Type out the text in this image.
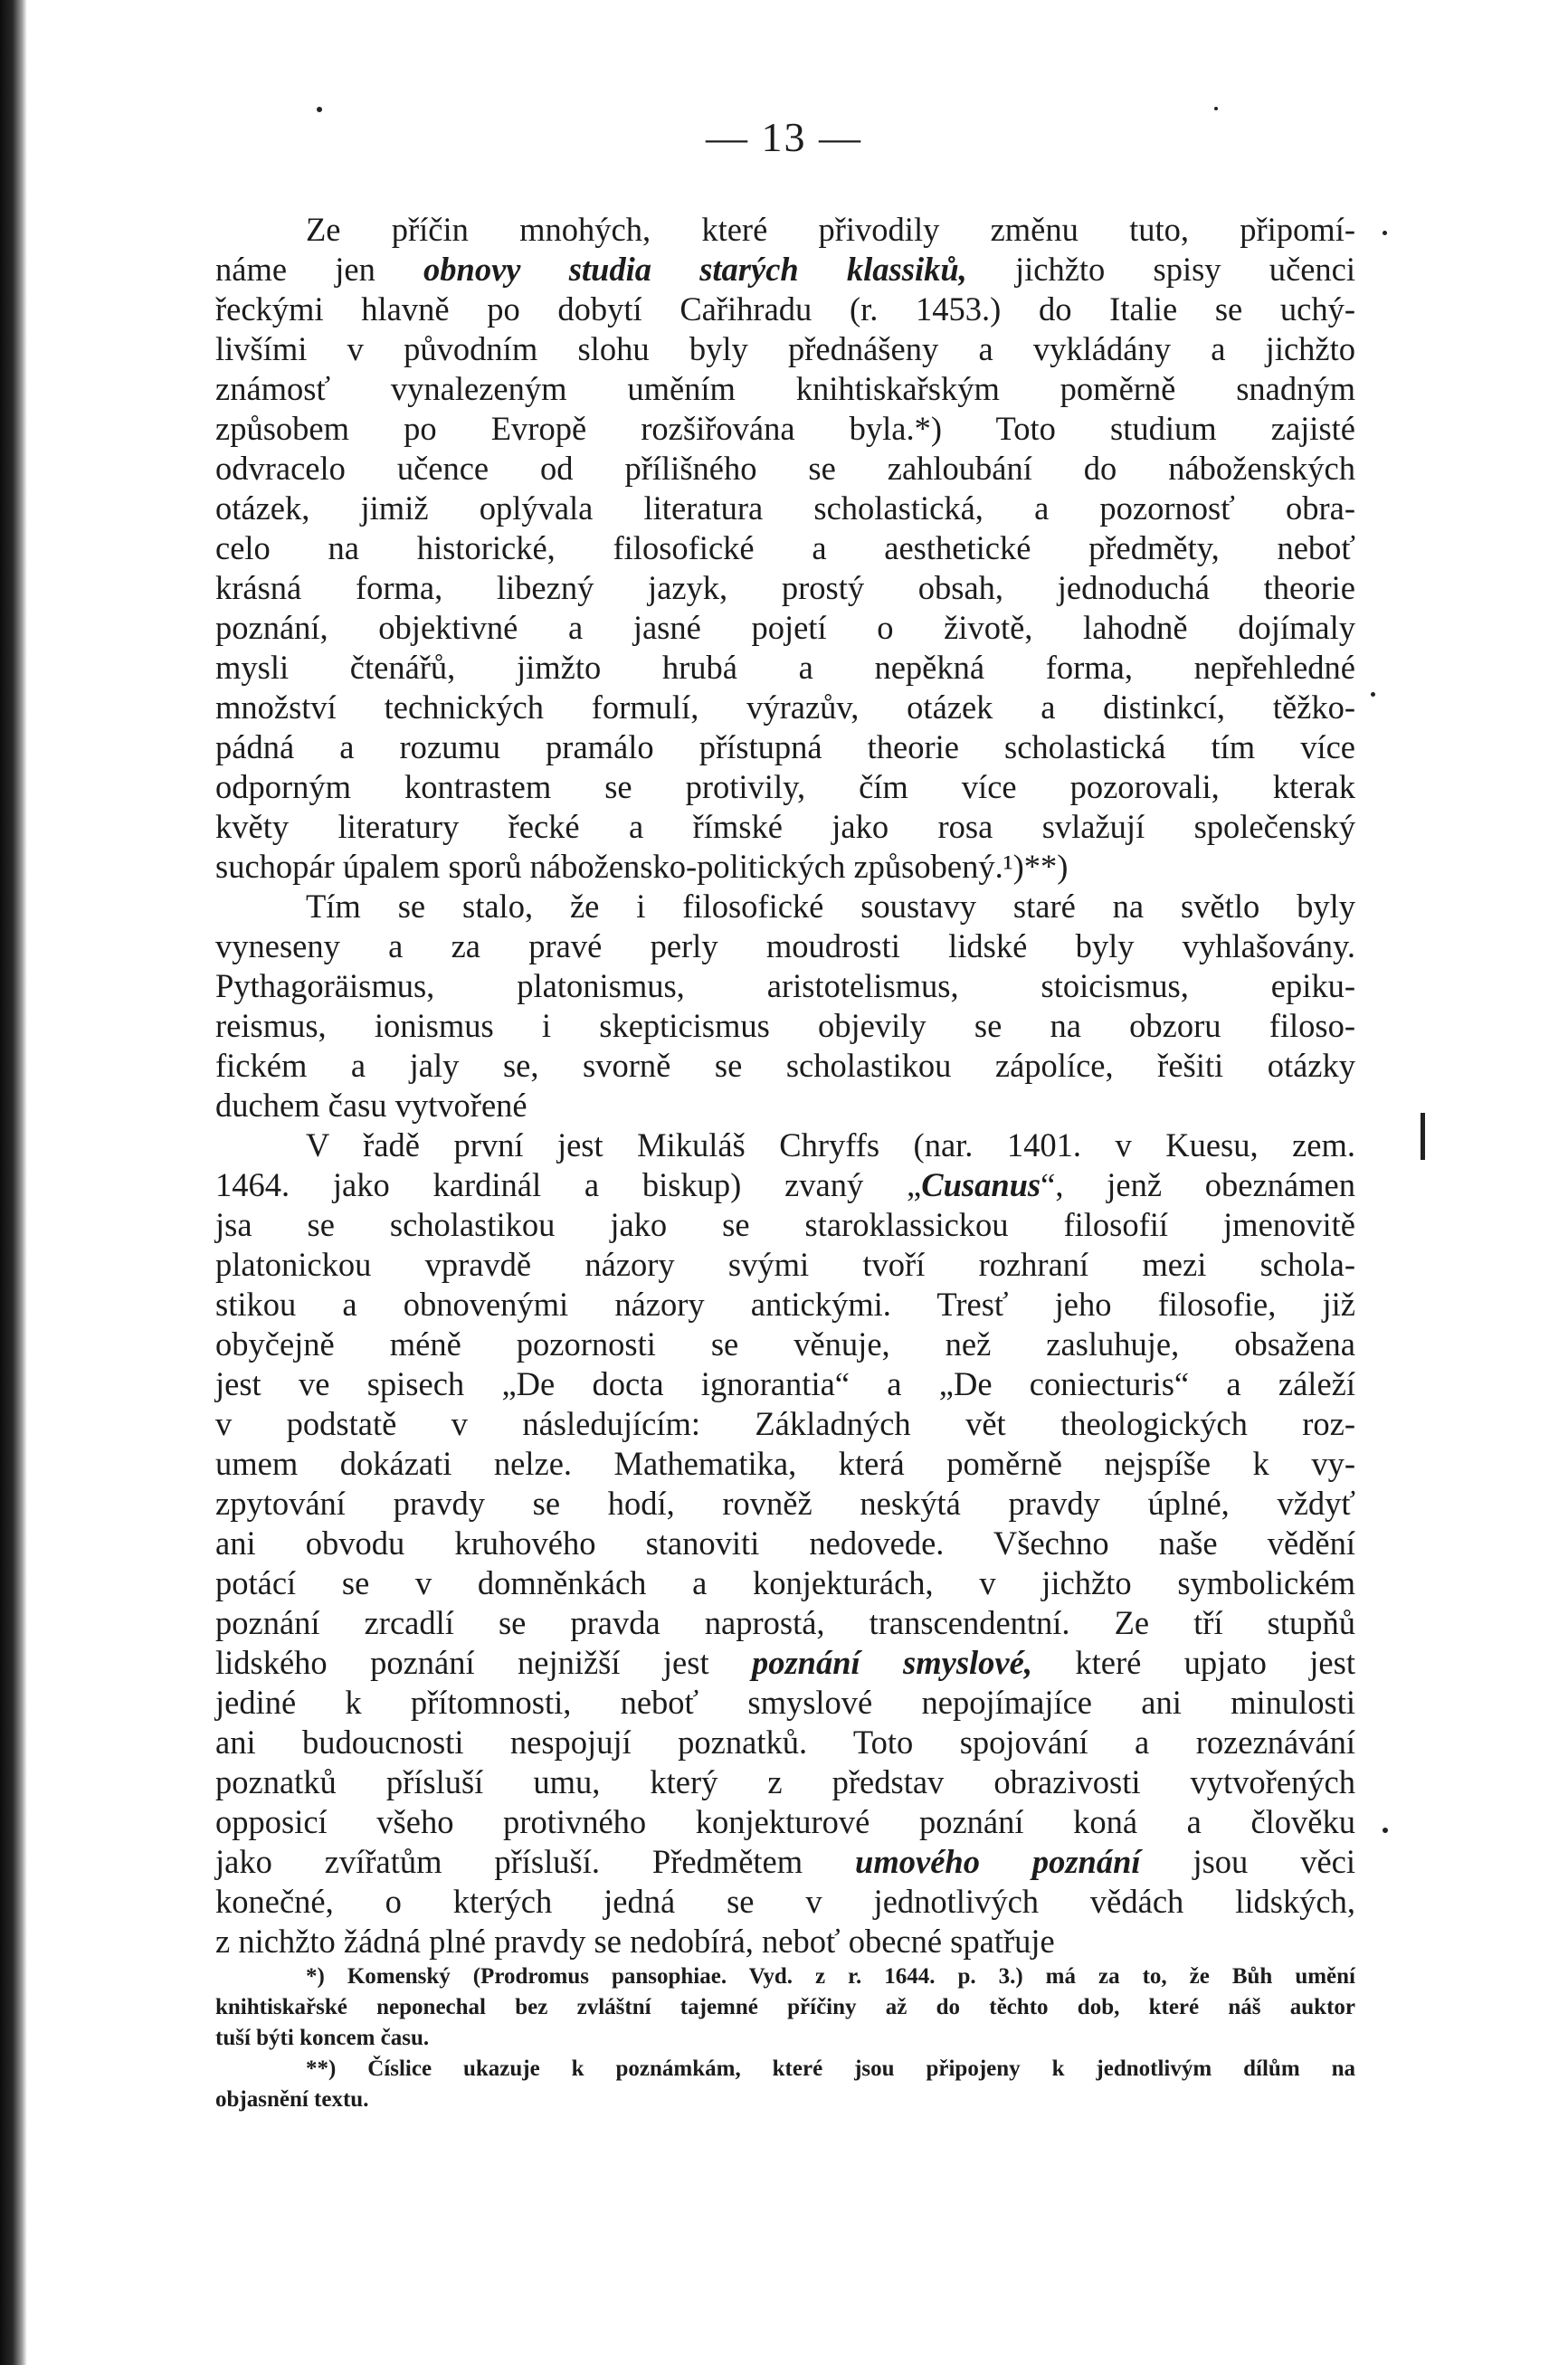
— 13 —
Ze příčin mnohých, které přivodily změnu tuto, připomí-
náme jen obnovy studia starých klassiků, jichžto spisy učenci
řeckými hlavně po dobytí Cařihradu (r. 1453.) do Italie se uchý-
livšími v původním slohu byly přednášeny a vykládány a jichžto
známosť vynalezeným uměním knihtiskařským poměrně snadným
způsobem po Evropě rozšiřována byla.*) Toto studium zajisté
odvracelo učence od přílišného se zahloubání do náboženských
otázek, jimiž oplývala literatura scholastická, a pozornosť obra-
celo na historické, filosofické a aesthetické předměty, neboť
krásná forma, libezný jazyk, prostý obsah, jednoduchá theorie
poznání, objektivné a jasné pojetí o životě, lahodně dojímaly
mysli čtenářů, jimžto hrubá a nepěkná forma, nepřehledné
množství technických formulí, výrazův, otázek a distinkcí, těžko-
pádná a rozumu pramálo přístupná theorie scholastická tím více
odporným kontrastem se protivily, čím více pozorovali, kterak
květy literatury řecké a římské jako rosa svlažují společenský
suchopár úpalem sporů nábožensko-politických způsobený.¹)**)
Tím se stalo, že i filosofické soustavy staré na světlo byly
vyneseny a za pravé perly moudrosti lidské byly vyhlašovány.
Pythagoräismus, platonismus, aristotelismus, stoicismus, epiku-
reismus, ionismus i skepticismus objevily se na obzoru filoso-
fickém a jaly se, svorně se scholastikou zápolíce, řešiti otázky
duchem času vytvořené
V řadě první jest Mikuláš Chryffs (nar. 1401. v Kuesu, zem.
1464. jako kardinál a biskup) zvaný „Cusanus“, jenž obeznámen
jsa se scholastikou jako se staroklassickou filosofií jmenovitě
platonickou vpravdě názory svými tvoří rozhraní mezi schola-
stikou a obnovenými názory antickými. Tresť jeho filosofie, již
obyčejně méně pozornosti se věnuje, než zasluhuje, obsažena
jest ve spisech „De docta ignorantia“ a „De coniecturis“ a záleží
v podstatě v následujícím: Základných vět theologických roz-
umem dokázati nelze. Mathematika, která poměrně nejspíše k vy-
zpytování pravdy se hodí, rovněž neskýtá pravdy úplné, vždyť
ani obvodu kruhového stanoviti nedovede. Všechno naše vědění
potácí se v domněnkách a konjekturách, v jichžto symbolickém
poznání zrcadlí se pravda naprostá, transcendentní. Ze tří stupňů
lidského poznání nejnižší jest poznání smyslové, které upjato jest
jediné k přítomnosti, neboť smyslové nepojímajíce ani minulosti
ani budoucnosti nespojují poznatků. Toto spojování a rozeznávání
poznatků přísluší umu, který z představ obrazivosti vytvořených
opposicí všeho protivného konjekturové poznání koná a člověku
jako zvířatům přísluší. Předmětem umového poznání jsou věci
konečné, o kterých jedná se v jednotlivých vědách lidských,
z nichžto žádná plné pravdy se nedobírá, neboť obecné spatřuje
*) Komenský (Prodromus pansophiae. Vyd. z r. 1644. p. 3.) má za to, že Bůh umění
knihtiskařské neponechal bez zvláštní tajemné příčiny až do těchto dob, které náš auktor
tuší býti koncem času.
**) Číslice ukazuje k poznámkám, které jsou připojeny k jednotlivým dílům na
objasnění textu.
